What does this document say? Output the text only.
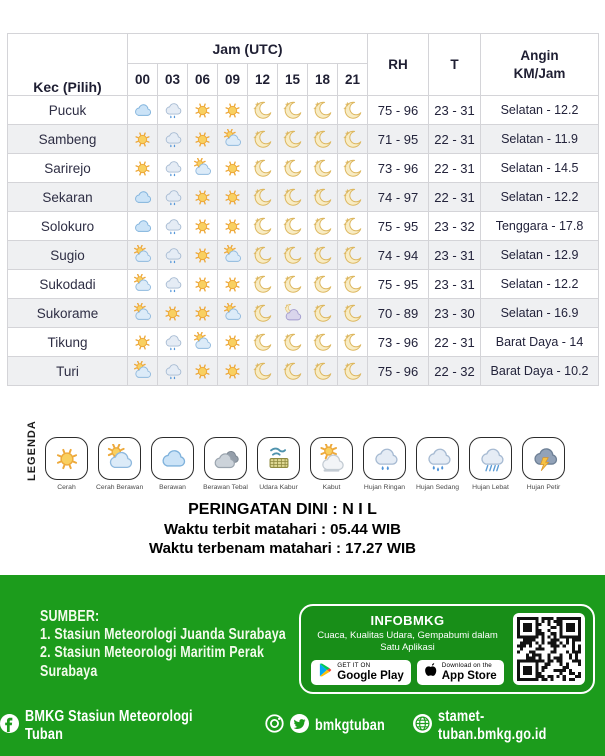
Kec (Pilih)	Jam (UTC)								RH	T	Angin
KM/Jam

	00	03	06	09	12	15	18	21			
Pucuk									75 - 96	23 - 31	Selatan - 12.2
Sambeng									71 - 95	22 - 31	Selatan - 11.9
Sarirejo									73 - 96	22 - 31	Selatan - 14.5
Sekaran									74 - 97	22 - 31	Selatan - 12.2
Solokuro									75 - 95	23 - 32	Tenggara - 17.8
Sugio									74 - 94	23 - 31	Selatan - 12.9
Sukodadi									75 - 95	23 - 31	Selatan - 12.2
Sukorame									70 - 89	23 - 30	Selatan - 16.9
Tikung									73 - 96	22 - 31	Barat Daya - 14
Turi									75 - 96	22 - 32	Barat Daya - 10.2
LEGENDA
Cerah	Cerah Berawan	Berawan	Berawan Tebal	Udara Kabur	Kabut	Hujan Ringan	Hujan Sedang	Hujan Lebat	Hujan Petir
PERINGATAN DINI : N I L
Waktu terbit matahari : 05.44 WIB
Waktu terbenam matahari : 17.27 WIB
SUMBER:
1. Stasiun Meteorologi Juanda Surabaya
2. Stasiun Meteorologi Maritim Perak Surabaya
INFOBMKG
Cuaca, Kualitas Udara, Gempabumi dalam Satu Aplikasi
GET IT ON
Google Play
Download on the
App Store
BMKG Stasiun Meteorologi Tuban
bmkgtuban
stamet-tuban.bmkg.go.id
